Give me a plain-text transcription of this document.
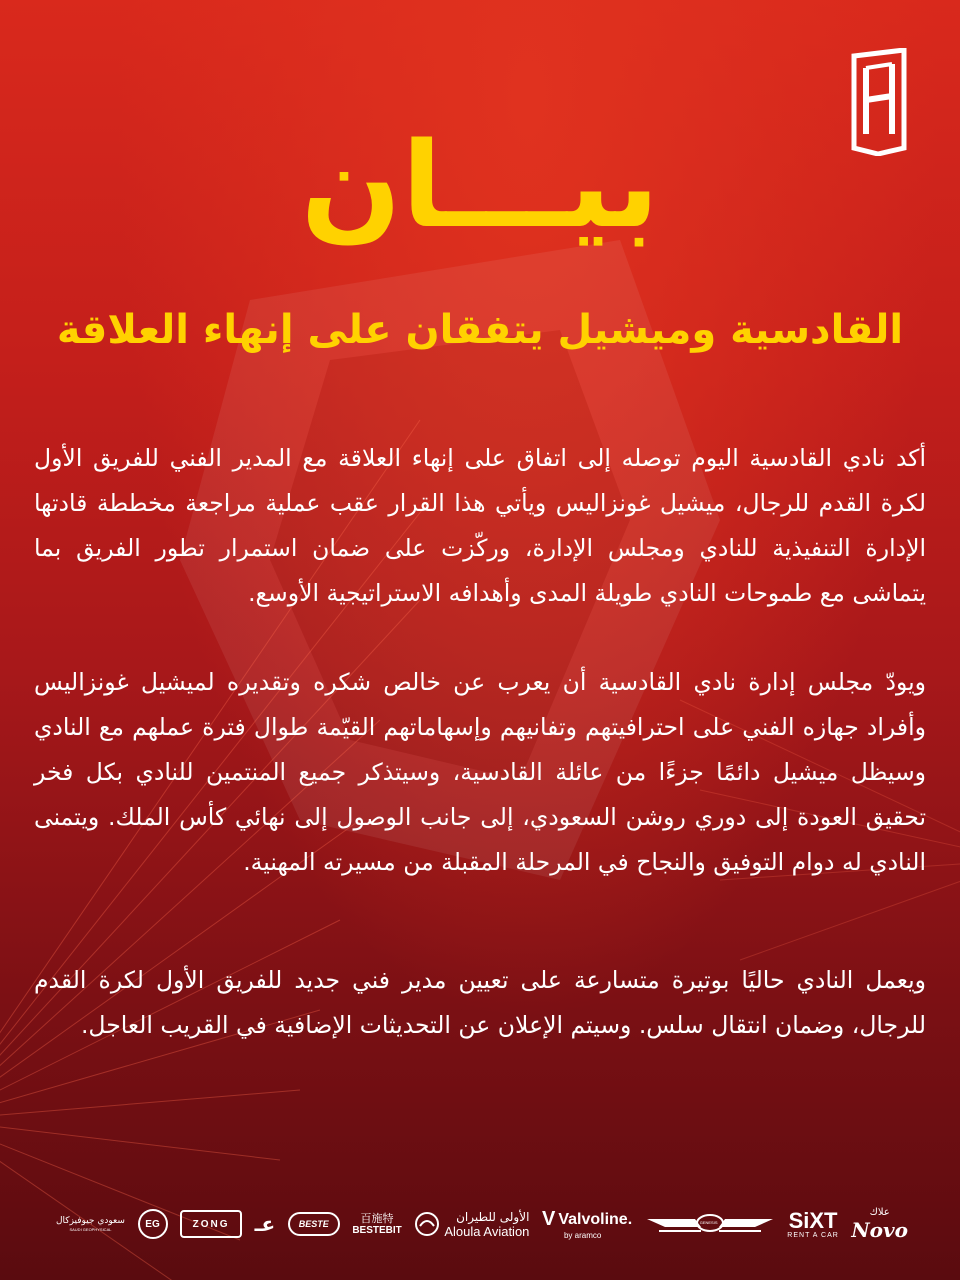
بيـــان
القادسية وميشيل يتفقان على إنهاء العلاقة

أكد نادي القادسية اليوم توصله إلى اتفاق على إنهاء العلاقة مع المدير الفني للفريق الأول لكرة القدم للرجال، ميشيل غونزاليس ويأتي هذا القرار عقب عملية مراجعة مخططة قادتها الإدارة التنفيذية للنادي ومجلس الإدارة، وركّزت على ضمان استمرار تطور الفريق بما يتماشى مع طموحات النادي طويلة المدى وأهدافه الاستراتيجية الأوسع.

ويودّ مجلس إدارة نادي القادسية أن يعرب عن خالص شكره وتقديره لميشيل غونزاليس وأفراد جهازه الفني على احترافيتهم وتفانيهم وإسهاماتهم القيّمة طوال فترة عملهم مع النادي وسيظل ميشيل دائمًا جزءًا من عائلة القادسية، وسيتذكر جميع المنتمين للنادي بكل فخر تحقيق العودة إلى دوري روشن السعودي، إلى جانب الوصول إلى نهائي كأس الملك. ويتمنى النادي له دوام التوفيق والنجاح في المرحلة المقبلة من مسيرته المهنية.

ويعمل النادي حاليًا بوتيرة متسارعة على تعيين مدير فني جديد للفريق الأول لكرة القدم للرجال، وضمان انتقال سلس. وسيتم الإعلان عن التحديثات الإضافية في القريب العاجل.

علاك
Novo
SiXT
RENT A CAR
GENESIS
V Valvoline.
by aramco
الأولى للطيران
Aloula Aviation
百施特
BESTEBIT
BESTE
عـ
ZONG
EG
سعودي جيوفيزكال
SAUDI GEOPHYSICAL
